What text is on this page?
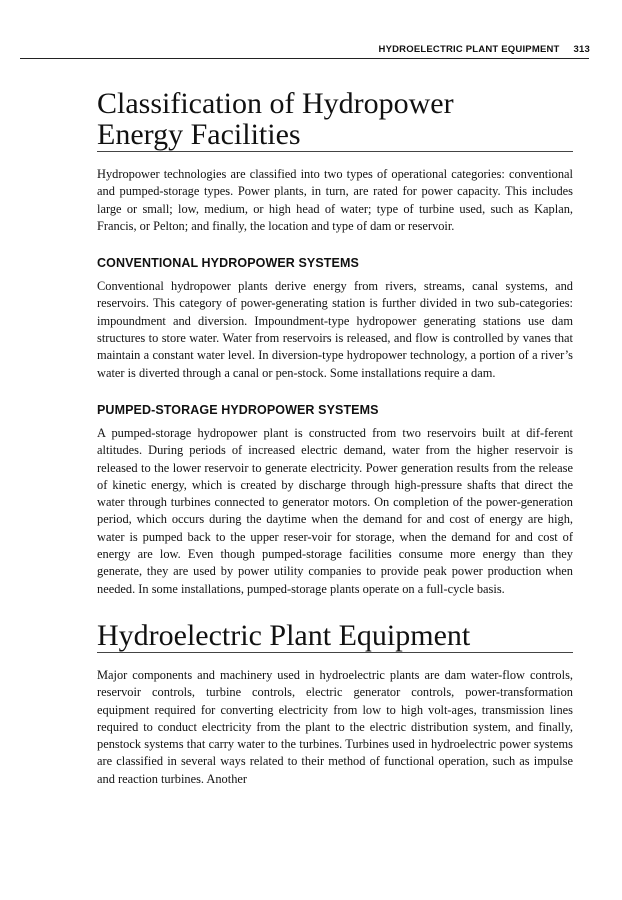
HYDROELECTRIC PLANT EQUIPMENT 313
Classification of Hydropower
Energy Facilities

Hydropower technologies are classified into two types of operational categories: conventional and pumped-storage types. Power plants, in turn, are rated for power capacity. This includes large or small; low, medium, or high head of water; type of turbine used, such as Kaplan, Francis, or Pelton; and finally, the location and type of dam or reservoir.

CONVENTIONAL HYDROPOWER SYSTEMS

Conventional hydropower plants derive energy from rivers, streams, canal systems, and reservoirs. This category of power-generating station is further divided in two sub-categories: impoundment and diversion. Impoundment-type hydropower generating stations use dam structures to store water. Water from reservoirs is released, and flow is controlled by vanes that maintain a constant water level. In diversion-type hydropower technology, a portion of a river’s water is diverted through a canal or pen-stock. Some installations require a dam.

PUMPED-STORAGE HYDROPOWER SYSTEMS

A pumped-storage hydropower plant is constructed from two reservoirs built at dif-ferent altitudes. During periods of increased electric demand, water from the higher reservoir is released to the lower reservoir to generate electricity. Power generation results from the release of kinetic energy, which is created by discharge through high-pressure shafts that direct the water through turbines connected to generator motors. On completion of the power-generation period, which occurs during the daytime when the demand for and cost of energy are high, water is pumped back to the upper reser-voir for storage, when the demand for and cost of energy are low. Even though pumped-storage facilities consume more energy than they generate, they are used by power utility companies to provide peak power production when needed. In some installations, pumped-storage plants operate on a full-cycle basis.

Hydroelectric Plant Equipment

Major components and machinery used in hydroelectric plants are dam water-flow controls, reservoir controls, turbine controls, electric generator controls, power-transformation equipment required for converting electricity from low to high volt-ages, transmission lines required to conduct electricity from the plant to the electric distribution system, and finally, penstock systems that carry water to the turbines. Turbines used in hydroelectric power systems are classified in several ways related to their method of functional operation, such as impulse and reaction turbines. Another
